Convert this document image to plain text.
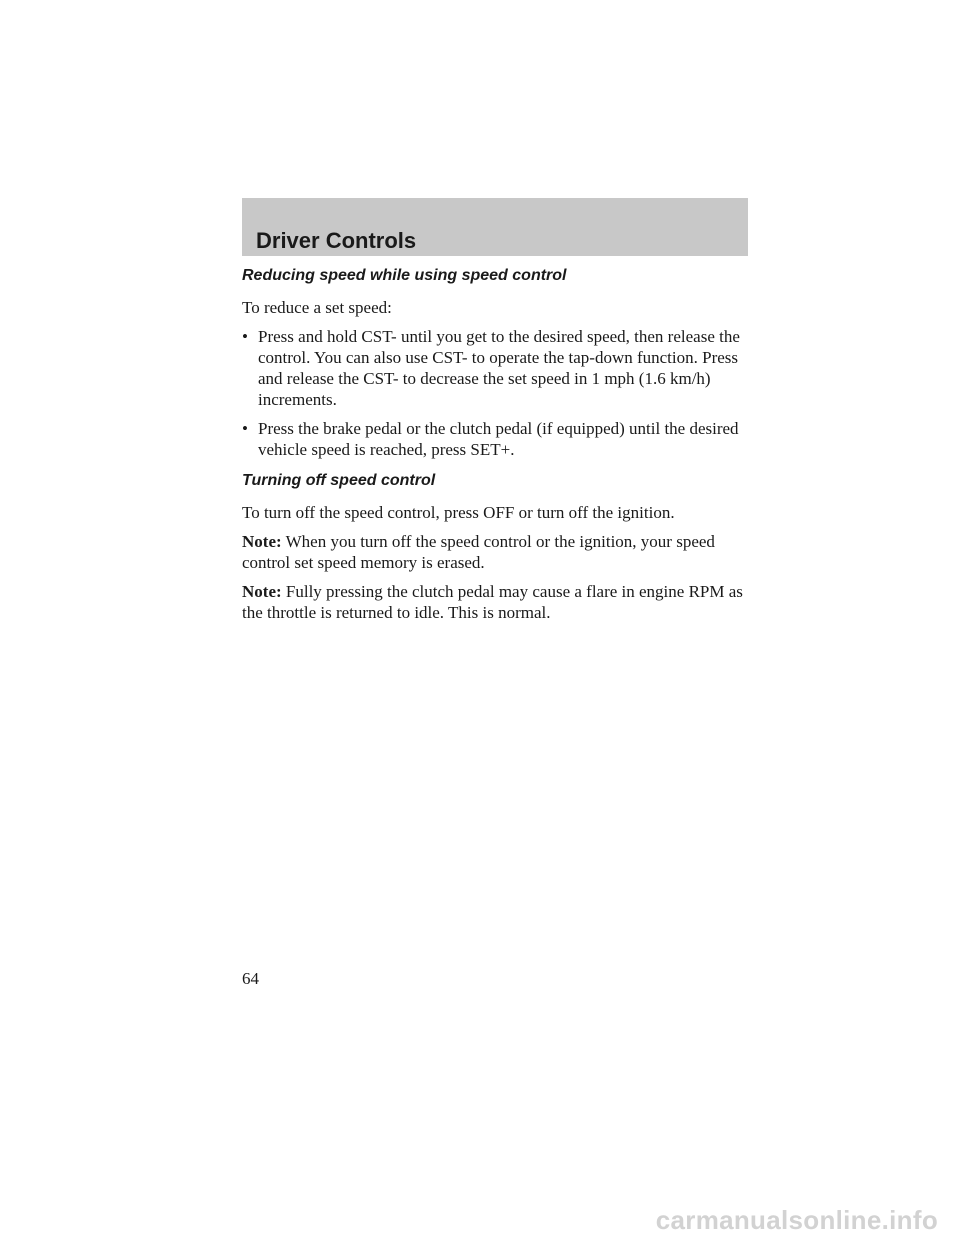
Driver Controls
Reducing speed while using speed control

To reduce a set speed:

• Press and hold CST- until you get to the desired speed, then release the control. You can also use CST- to operate the tap-down function. Press and release the CST- to decrease the set speed in 1 mph (1.6 km/h) increments.
• Press the brake pedal or the clutch pedal (if equipped) until the desired vehicle speed is reached, press SET+.
Turning off speed control

To turn off the speed control, press OFF or turn off the ignition.

Note: When you turn off the speed control or the ignition, your speed control set speed memory is erased.

Note: Fully pressing the clutch pedal may cause a flare in engine RPM as the throttle is returned to idle. This is normal.

64
carmanualsonline.info
